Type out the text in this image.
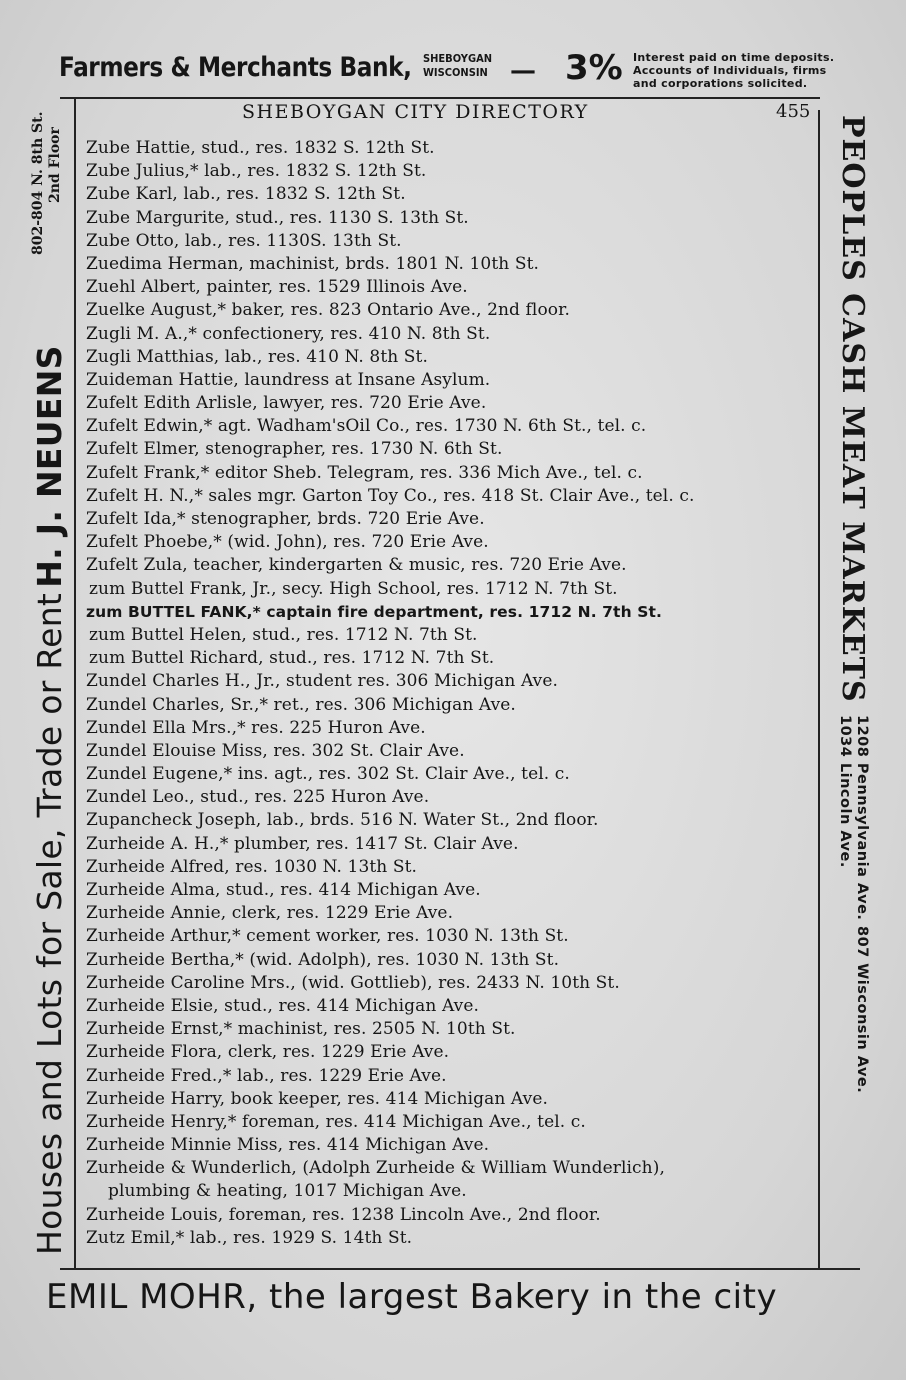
Farmers & Merchants Bank, SHEBOYGAN
WISCONSIN — 3% Interest paid on time deposits.
Accounts of Individuals, firms
and corporations solicited.
SHEBOYGAN CITY DIRECTORY	455
Zube Hattie, stud., res. 1832 S. 12th St.
Zube Julius,* lab., res. 1832 S. 12th St.
Zube Karl, lab., res. 1832 S. 12th St.
Zube Margurite, stud., res. 1130 S. 13th St.
Zube Otto, lab., res. 1130S. 13th St.
Zuedima Herman, machinist, brds. 1801 N. 10th St.
Zuehl Albert, painter, res. 1529 Illinois Ave.
Zuelke August,* baker, res. 823 Ontario Ave., 2nd floor.
Zugli M. A.,* confectionery, res. 410 N. 8th St.
Zugli Matthias, lab., res. 410 N. 8th St.
Zuideman Hattie, laundress at Insane Asylum.
Zufelt Edith Arlisle, lawyer, res. 720 Erie Ave.
Zufelt Edwin,* agt. Wadham'sOil Co., res. 1730 N. 6th St., tel. c.
Zufelt Elmer, stenographer, res. 1730 N. 6th St.
Zufelt Frank,* editor Sheb. Telegram, res. 336 Mich Ave., tel. c.
Zufelt H. N.,* sales mgr. Garton Toy Co., res. 418 St. Clair Ave., tel. c.
Zufelt Ida,* stenographer, brds. 720 Erie Ave.
Zufelt Phoebe,* (wid. John), res. 720 Erie Ave.
Zufelt Zula, teacher, kindergarten & music, res. 720 Erie Ave.
zum Buttel Frank, Jr., secy. High School, res. 1712 N. 7th St.
zum BUTTEL FANK,* captain fire department, res. 1712 N. 7th St.
zum Buttel Helen, stud., res. 1712 N. 7th St.
zum Buttel Richard, stud., res. 1712 N. 7th St.
Zundel Charles H., Jr., student res. 306 Michigan Ave.
Zundel Charles, Sr.,* ret., res. 306 Michigan Ave.
Zundel Ella Mrs.,* res. 225 Huron Ave.
Zundel Elouise Miss, res. 302 St. Clair Ave.
Zundel Eugene,* ins. agt., res. 302 St. Clair Ave., tel. c.
Zundel Leo., stud., res. 225 Huron Ave.
Zupancheck Joseph, lab., brds. 516 N. Water St., 2nd floor.
Zurheide A. H.,* plumber, res. 1417 St. Clair Ave.
Zurheide Alfred, res. 1030 N. 13th St.
Zurheide Alma, stud., res. 414 Michigan Ave.
Zurheide Annie, clerk, res. 1229 Erie Ave.
Zurheide Arthur,* cement worker, res. 1030 N. 13th St.
Zurheide Bertha,* (wid. Adolph), res. 1030 N. 13th St.
Zurheide Caroline Mrs., (wid. Gottlieb), res. 2433 N. 10th St.
Zurheide Elsie, stud., res. 414 Michigan Ave.
Zurheide Ernst,* machinist, res. 2505 N. 10th St.
Zurheide Flora, clerk, res. 1229 Erie Ave.
Zurheide Fred.,* lab., res. 1229 Erie Ave.
Zurheide Harry, book keeper, res. 414 Michigan Ave.
Zurheide Henry,* foreman, res. 414 Michigan Ave., tel. c.
Zurheide Minnie Miss, res. 414 Michigan Ave.
Zurheide & Wunderlich, (Adolph Zurheide & William Wunderlich),
plumbing & heating, 1017 Michigan Ave.
Zurheide Louis, foreman, res. 1238 Lincoln Ave., 2nd floor.
Zutz Emil,* lab., res. 1929 S. 14th St.
Houses and Lots for Sale, Trade or Rent H. J. NEUENS
802-804 N. 8th St. 2nd Floor	PEOPLES CASH MEAT MARKETS
1208 Pennsylvania Ave. 807 Wisconsin Ave.
1034 Lincoln Ave.
EMIL MOHR, the largest Bakery in the city
